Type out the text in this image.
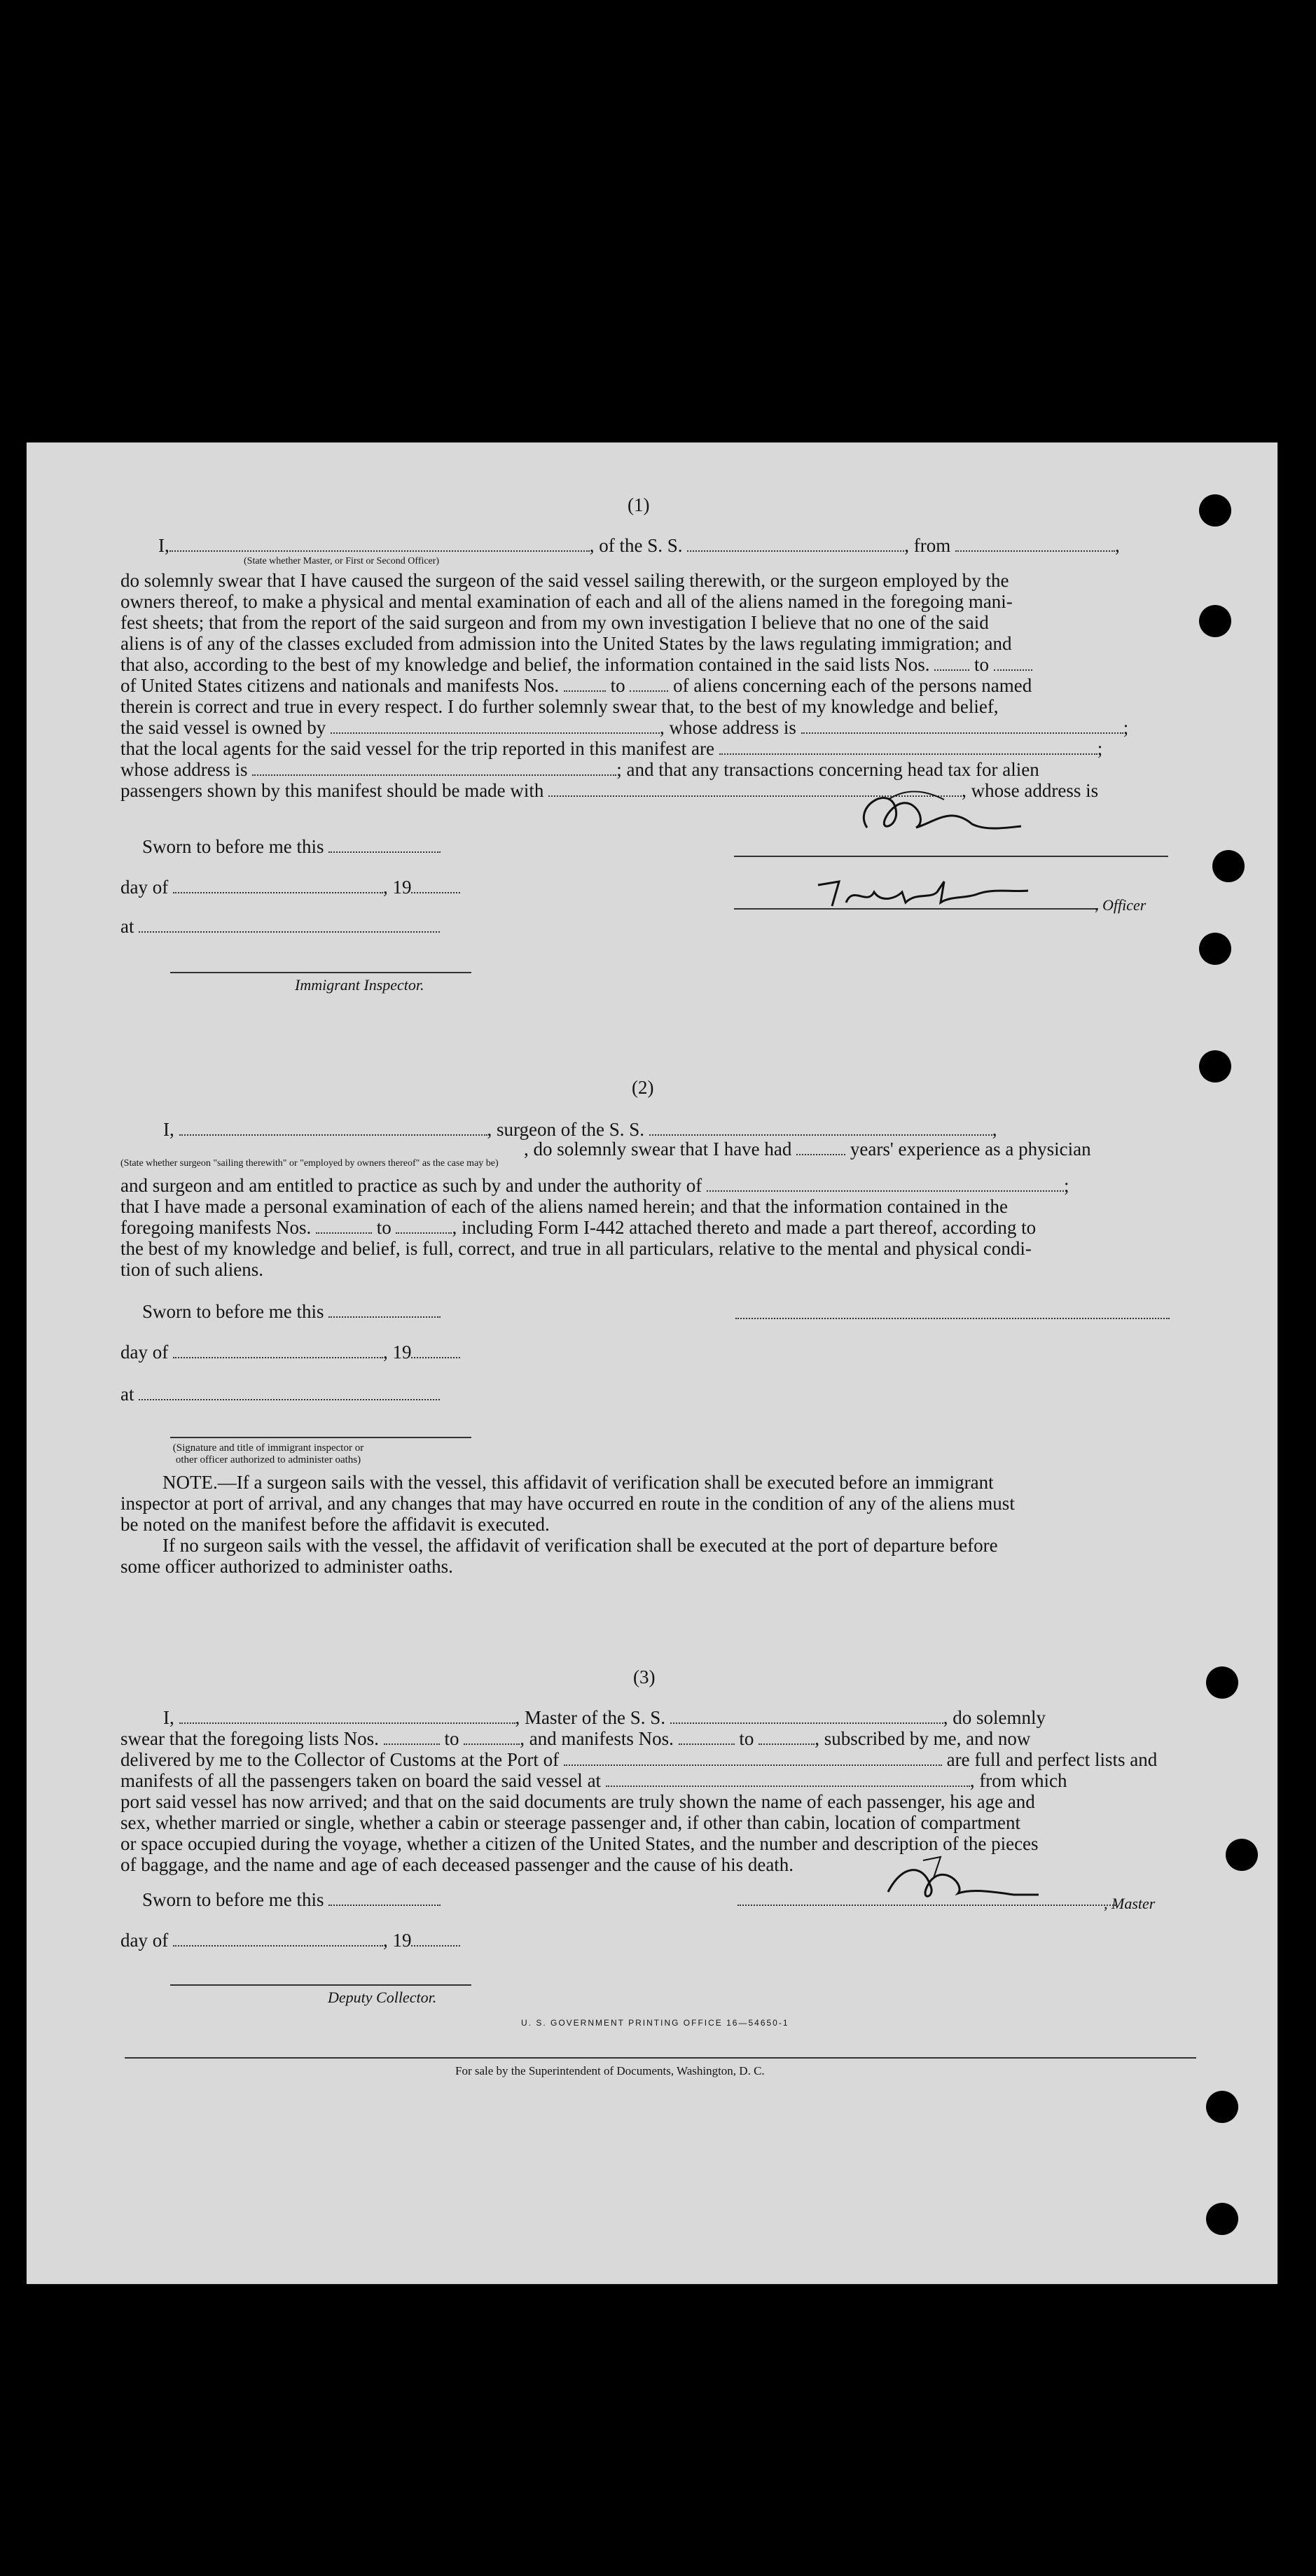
(1)
I,	, of the S. S.	, from	,
(State whether Master, or First or Second Officer)
do solemnly swear that I have caused the surgeon of the said vessel sailing therewith, or the surgeon employed by the
owners thereof, to make a physical and mental examination of each and all of the aliens named in the foregoing mani-
fest sheets; that from the report of the said surgeon and from my own investigation I believe that no one of the said
aliens is of any of the classes excluded from admission into the United States by the laws regulating immigration; and
that also, according to the best of my knowledge and belief, the information contained in the said lists Nos. to
of United States citizens and nationals and manifests Nos.	to	of aliens concerning each of the persons named
therein is correct and true in every respect. I do further solemnly swear that, to the best of my knowledge and belief,
the said vessel is owned by	, whose address is	;
that the local agents for the said vessel for the trip reported in this manifest are	;
whose address is	; and that any transactions concerning head tax for alien
passengers shown by this manifest should be made with	, whose address is
Sworn to before me this
day of	, 19
, Officer
at
Immigrant Inspector.
(2)
I,	, surgeon of the S. S.	,
, do solemnly swear that I have had	years' experience as a physician
(State whether surgeon "sailing therewith" or "employed by owners thereof" as the case may be)
and surgeon and am entitled to practice as such by and under the authority of	;
that I have made a personal examination of each of the aliens named herein; and that the information contained in the
foregoing manifests Nos.	to	, including Form I-442 attached thereto and made a part thereof, according to
the best of my knowledge and belief, is full, correct, and true in all particulars, relative to the mental and physical condi-
tion of such aliens.
Sworn to before me this
day of	, 19
at
(Signature and title of immigrant inspector or other officer authorized to administer oaths)
NOTE.—If a surgeon sails with the vessel, this affidavit of verification shall be executed before an immigrant
inspector at port of arrival, and any changes that may have occurred en route in the condition of any of the aliens must
be noted on the manifest before the affidavit is executed.
If no surgeon sails with the vessel, the affidavit of verification shall be executed at the port of departure before
some officer authorized to administer oaths.
(3)
I,	, Master of the S. S.	, do solemnly
swear that the foregoing lists Nos.	to	, and manifests Nos.	to	, subscribed by me, and now
delivered by me to the Collector of Customs at the Port of	are full and perfect lists and
manifests of all the passengers taken on board the said vessel at	, from which
port said vessel has now arrived; and that on the said documents are truly shown the name of each passenger, his age and
sex, whether married or single, whether a cabin or steerage passenger and, if other than cabin, location of compartment
or space occupied during the voyage, whether a citizen of the United States, and the number and description of the pieces
of baggage, and the name and age of each deceased passenger and the cause of his death.
Sworn to before me this	, Master
day of	, 19
Deputy Collector.
U. S. GOVERNMENT PRINTING OFFICE 16—54650-1
For sale by the Superintendent of Documents, Washington, D. C.
